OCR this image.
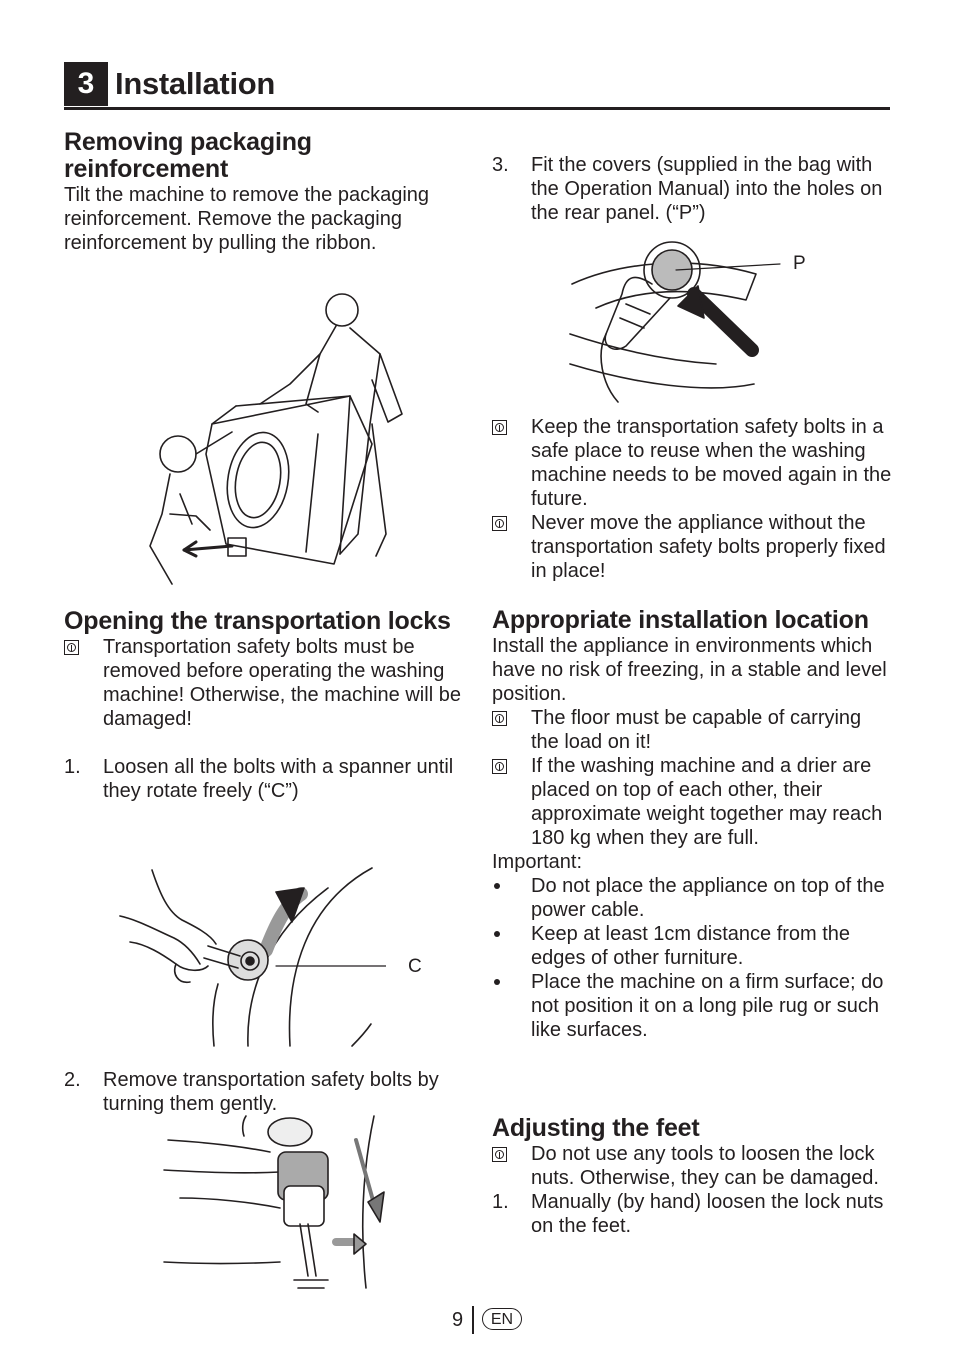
3 Installation
Removing packaging reinforcement

Tilt the machine to remove the packaging reinforcement. Remove the packaging reinforcement by pulling the ribbon.

Opening the transportation locks
Transportation safety bolts must be removed before operating the washing machine! Otherwise, the machine will be damaged!
1.	Loosen all the bolts with a spanner until they rotate freely (“C”)
C
2.	Remove transportation safety bolts by turning them gently.
3.	Fit the covers (supplied in the bag with the Operation Manual) into the holes on the rear panel. (“P”)
P
Keep the transportation safety bolts in a safe place to reuse when the washing machine needs to be moved again in the future.
Never move the appliance without the transportation safety bolts properly fixed in place!
Appropriate installation location

Install the appliance in environments which have no risk of freezing, in a stable and level position.

The floor must be capable of carrying the load on it!
If the washing machine and a drier are placed on top of each other, their approximate weight together may reach 180 kg when they are full.

Important:

Do not place the appliance on top of the power cable.
Keep at least 1cm distance from the edges of other furniture.
Place the machine on a firm surface; do not position it on a long pile rug or such like surfaces.
Adjusting the feet
Do not use any tools to loosen the lock nuts. Otherwise, they can be damaged.
1.	Manually (by hand) loosen the lock nuts on the feet.
9	EN
